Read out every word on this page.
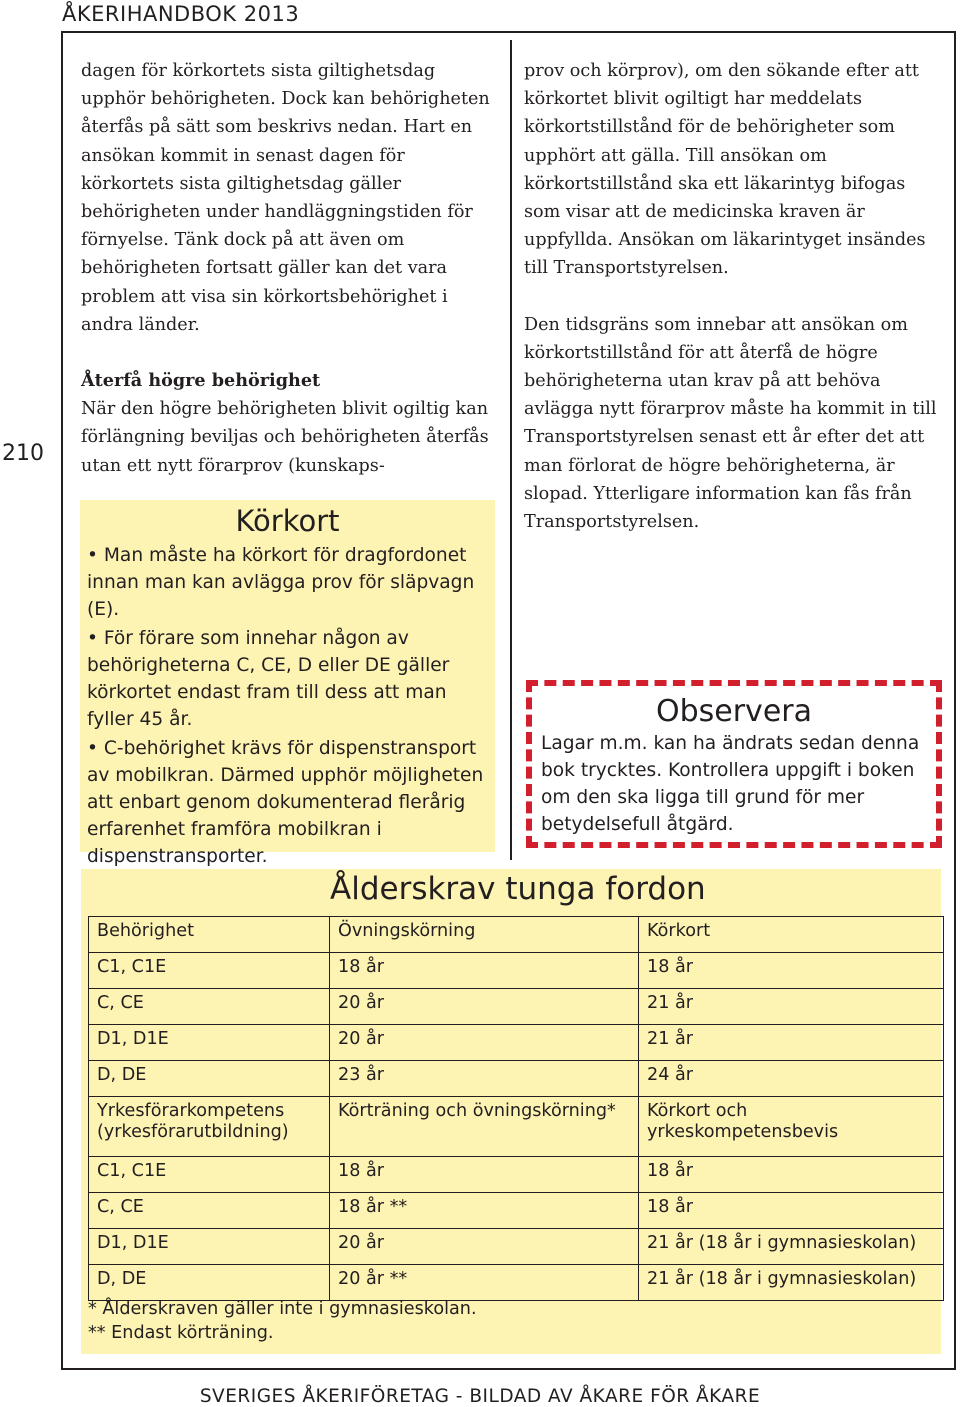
ÅKERIHANDBOK 2013
210

dagen för körkortets sista giltighetsdag upphör behörigheten. Dock kan behörigheten återfås på sätt som beskrivs nedan. Hart en ansökan kommit in senast dagen för körkortets sista giltighetsdag gäller behörigheten under handläggningstiden för förnyelse. Tänk dock på att även om behörigheten fortsatt gäller kan det vara problem att visa sin körkortsbehörighet i andra länder.

Återfå högre behörighet

När den högre behörigheten blivit ogiltig kan förlängning beviljas och behörigheten återfås utan ett nytt förarprov (kunskaps-

prov och körprov), om den sökande efter att körkortet blivit ogiltigt har meddelats körkortstillstånd för de behörigheter som upphört att gälla. Till ansökan om körkortstillstånd ska ett läkarintyg bifogas som visar att de medicinska kraven är uppfyllda. Ansökan om läkarintyget insändes till Transportstyrelsen.

Den tidsgräns som innebar att ansökan om körkortstillstånd för att återfå de högre behörigheterna utan krav på att behöva avlägga nytt förarprov måste ha kommit in till Transportstyrelsen senast ett år efter det att man förlorat de högre behörigheterna, är slopad. Ytterligare information kan fås från Transportstyrelsen.

Körkort
• Man måste ha körkort för dragfordonet innan man kan avlägga prov för släpvagn (E).
• För förare som innehar någon av behörigheterna C, CE, D eller DE gäller körkortet endast fram till dess att man fyller 45 år.
• C-behörighet krävs för dispenstransport av mobilkran. Därmed upphör möjligheten att enbart genom dokumenterad flerårig erfarenhet framföra mobilkran i dispenstransporter.
Observera
Lagar m.m. kan ha ändrats sedan denna bok trycktes. Kontrollera uppgift i boken om den ska ligga till grund för mer betydelsefull åtgärd.
Ålderskrav tunga fordon
Behörighet	Övningskörning	Körkort
C1, C1E	18 år	18 år
C, CE	20 år	21 år
D1, D1E	20 år	21 år
D, DE	23 år	24 år
Yrkesförarkompetens (yrkesförarutbildning)	Körträning och övningskörning*	Körkort och yrkeskompetensbevis
C1, C1E	18 år	18 år
C, CE	18 år **	18 år
D1, D1E	20 år	21 år (18 år i gymnasieskolan)
D, DE	20 år **	21 år (18 år i gymnasieskolan)
* Ålderskraven gäller inte i gymnasieskolan.
** Endast körträning.
SVERIGES ÅKERIFÖRETAG - BILDAD AV ÅKARE FÖR ÅKARE
